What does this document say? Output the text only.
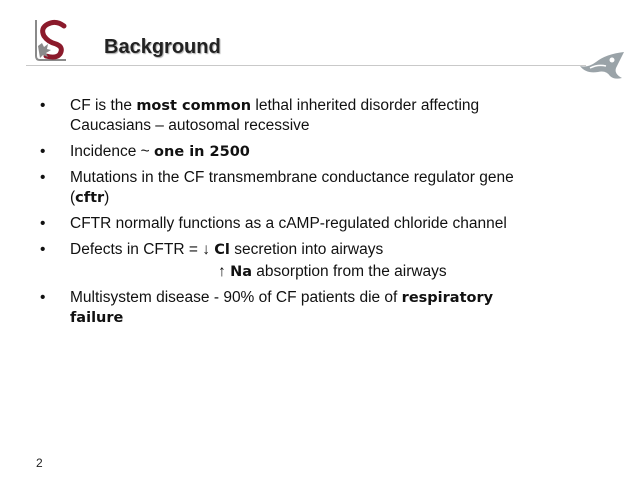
Background
• CF is the most common lethal inherited disorder affecting
Caucasians – autosomal recessive
• Incidence ~ one in 2500
• Mutations in the CF transmembrane conductance regulator gene
(cftr)
• CFTR normally functions as a cAMP-regulated chloride channel
• Defects in CFTR = ↓ Cl secretion into airways
↑ Na absorption from the airways
• Multisystem disease - 90% of CF patients die of respiratory
failure
2
